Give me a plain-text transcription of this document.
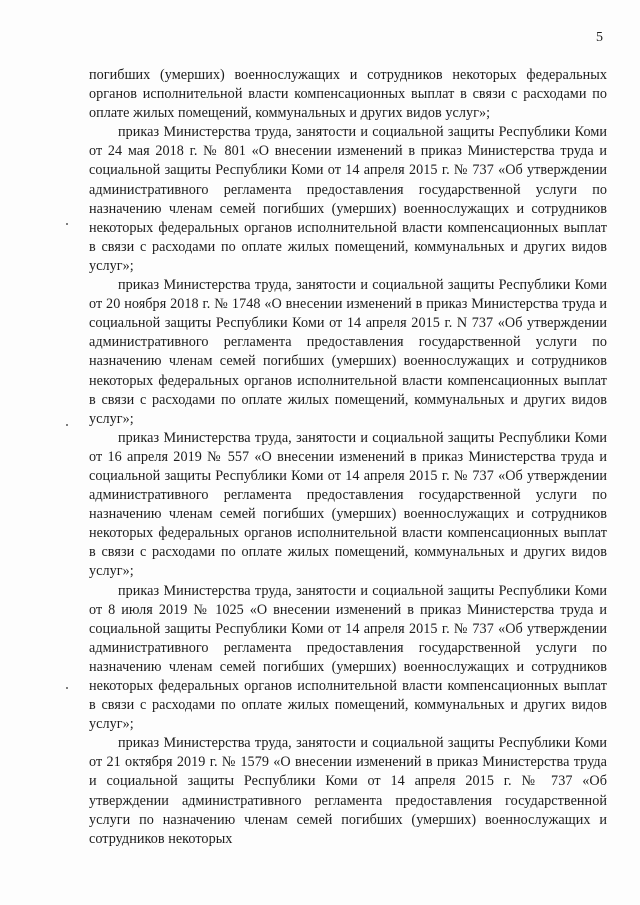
5

погибших (умерших) военнослужащих и сотрудников некоторых федеральных органов исполнительной власти компенсационных выплат в связи с расходами по оплате жилых помещений, коммунальных и других видов услуг»;

приказ Министерства труда, занятости и социальной защиты Республики Коми от 24 мая 2018 г. № 801 «О внесении изменений в приказ Министерства труда и социальной защиты Республики Коми от 14 апреля 2015 г. № 737 «Об утверждении административного регламента предоставления государственной услуги по назначению членам семей погибших (умерших) военнослужащих и сотрудников некоторых федеральных органов исполнительной власти компенсационных выплат в связи с расходами по оплате жилых помещений, коммунальных и других видов услуг»;

приказ Министерства труда, занятости и социальной защиты Республики Коми от 20 ноября 2018 г. № 1748 «О внесении изменений в приказ Министерства труда и социальной защиты Республики Коми от 14 апреля 2015 г. N 737 «Об утверждении административного регламента предоставления государственной услуги по назначению членам семей погибших (умерших) военнослужащих и сотрудников некоторых федеральных органов исполнительной власти компенсационных выплат в связи с расходами по оплате жилых помещений, коммунальных и других видов услуг»;

приказ Министерства труда, занятости и социальной защиты Республики Коми от 16 апреля 2019 № 557 «О внесении изменений в приказ Министерства труда и социальной защиты Республики Коми от 14 апреля 2015 г. № 737 «Об утверждении административного регламента предоставления государственной услуги по назначению членам семей погибших (умерших) военнослужащих и сотрудников некоторых федеральных органов исполнительной власти компенсационных выплат в связи с расходами по оплате жилых помещений, коммунальных и других видов услуг»;

приказ Министерства труда, занятости и социальной защиты Республики Коми от 8 июля 2019 № 1025 «О внесении изменений в приказ Министерства труда и социальной защиты Республики Коми от 14 апреля 2015 г. № 737 «Об утверждении административного регламента предоставления государственной услуги по назначению членам семей погибших (умерших) военнослужащих и сотрудников некоторых федеральных органов исполнительной власти компенсационных выплат в связи с расходами по оплате жилых помещений, коммунальных и других видов услуг»;

приказ Министерства труда, занятости и социальной защиты Республики Коми от 21 октября 2019 г. № 1579 «О внесении изменений в приказ Министерства труда и социальной защиты Республики Коми от 14 апреля 2015 г. № 737 «Об утверждении административного регламента предоставления государственной услуги по назначению членам семей погибших (умерших) военнослужащих и сотрудников некоторых
